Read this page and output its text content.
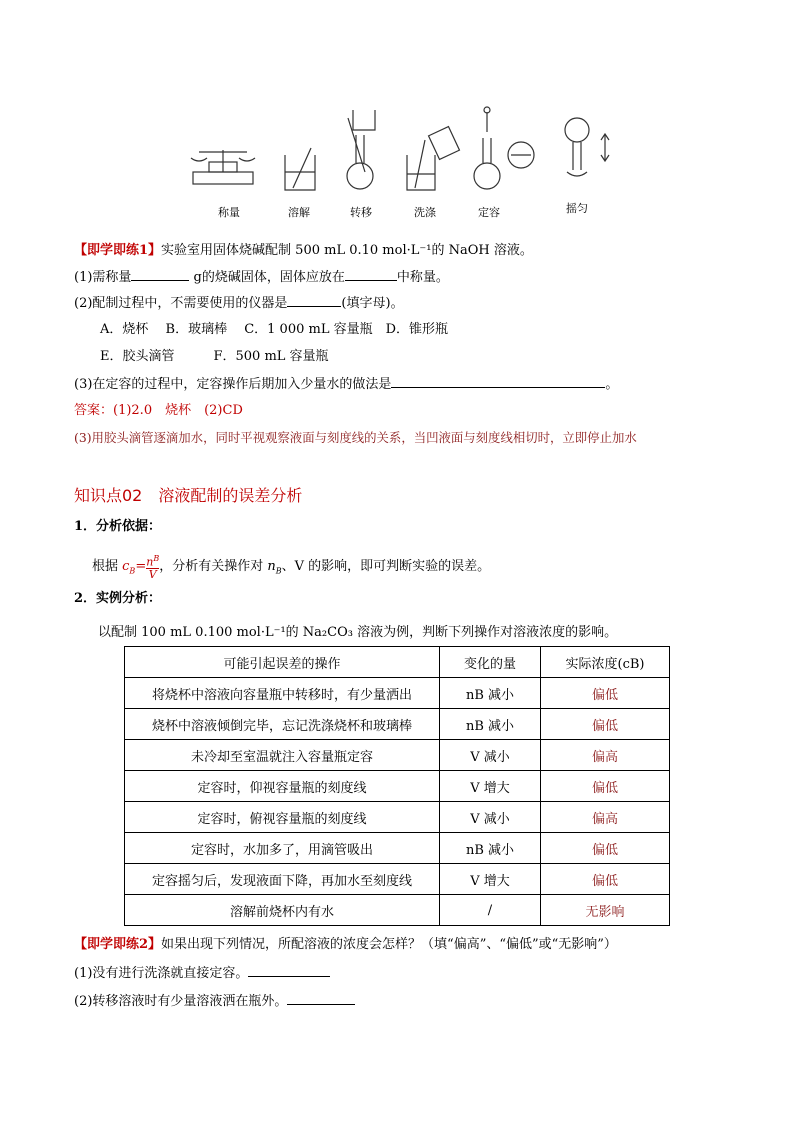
称量	溶解	转移	洗涤	定容	摇匀
【即学即练1】实验室用固体烧碱配制 500 mL 0.10 mol·L⁻¹的 NaOH 溶液。
(1)需称量	g的烧碱固体，固体应放在	中称量。
(2)配制过程中，不需要使用的仪器是	(填字母)。
A．烧杯　 B．玻璃棒　 C．1 000 mL 容量瓶　D．锥形瓶
E．胶头滴管　　　F．500 mL 容量瓶
(3)在定容的过程中，定容操作后期加入少量水的做法是	。
答案：(1)2.0　烧杯　(2)CD
(3)用胶头滴管逐滴加水，同时平视观察液面与刻度线的关系，当凹液面与刻度线相切时，立即停止加水
知识点02　溶液配制的误差分析
1．分析依据：
根据 $c_B= \frac{n^B}{V}$ ，分析有关操作对 $n_B$、V 的影响，即可判断实验的误差。
2．实例分析：
以配制 100 mL 0.100 mol·L⁻¹的 Na₂CO₃ 溶液为例，判断下列操作对溶液浓度的影响。
可能引起误差的操作	变化的量	实际浓度(cB)
将烧杯中溶液向容量瓶中转移时，有少量洒出	nB 减小	偏低
烧杯中溶液倾倒完毕，忘记洗涤烧杯和玻璃棒	nB 减小	偏低
未冷却至室温就注入容量瓶定容	V 减小	偏高
定容时，仰视容量瓶的刻度线	V 增大	偏低
定容时，俯视容量瓶的刻度线	V 减小	偏高
定容时，水加多了，用滴管吸出	nB 减小	偏低
定容摇匀后，发现液面下降，再加水至刻度线	V 增大	偏低
溶解前烧杯内有水	/	无影响
【即学即练2】如果出现下列情况，所配溶液的浓度会怎样？（填“偏高”、“偏低”或“无影响”）
(1)没有进行洗涤就直接定容。
(2)转移溶液时有少量溶液洒在瓶外。
